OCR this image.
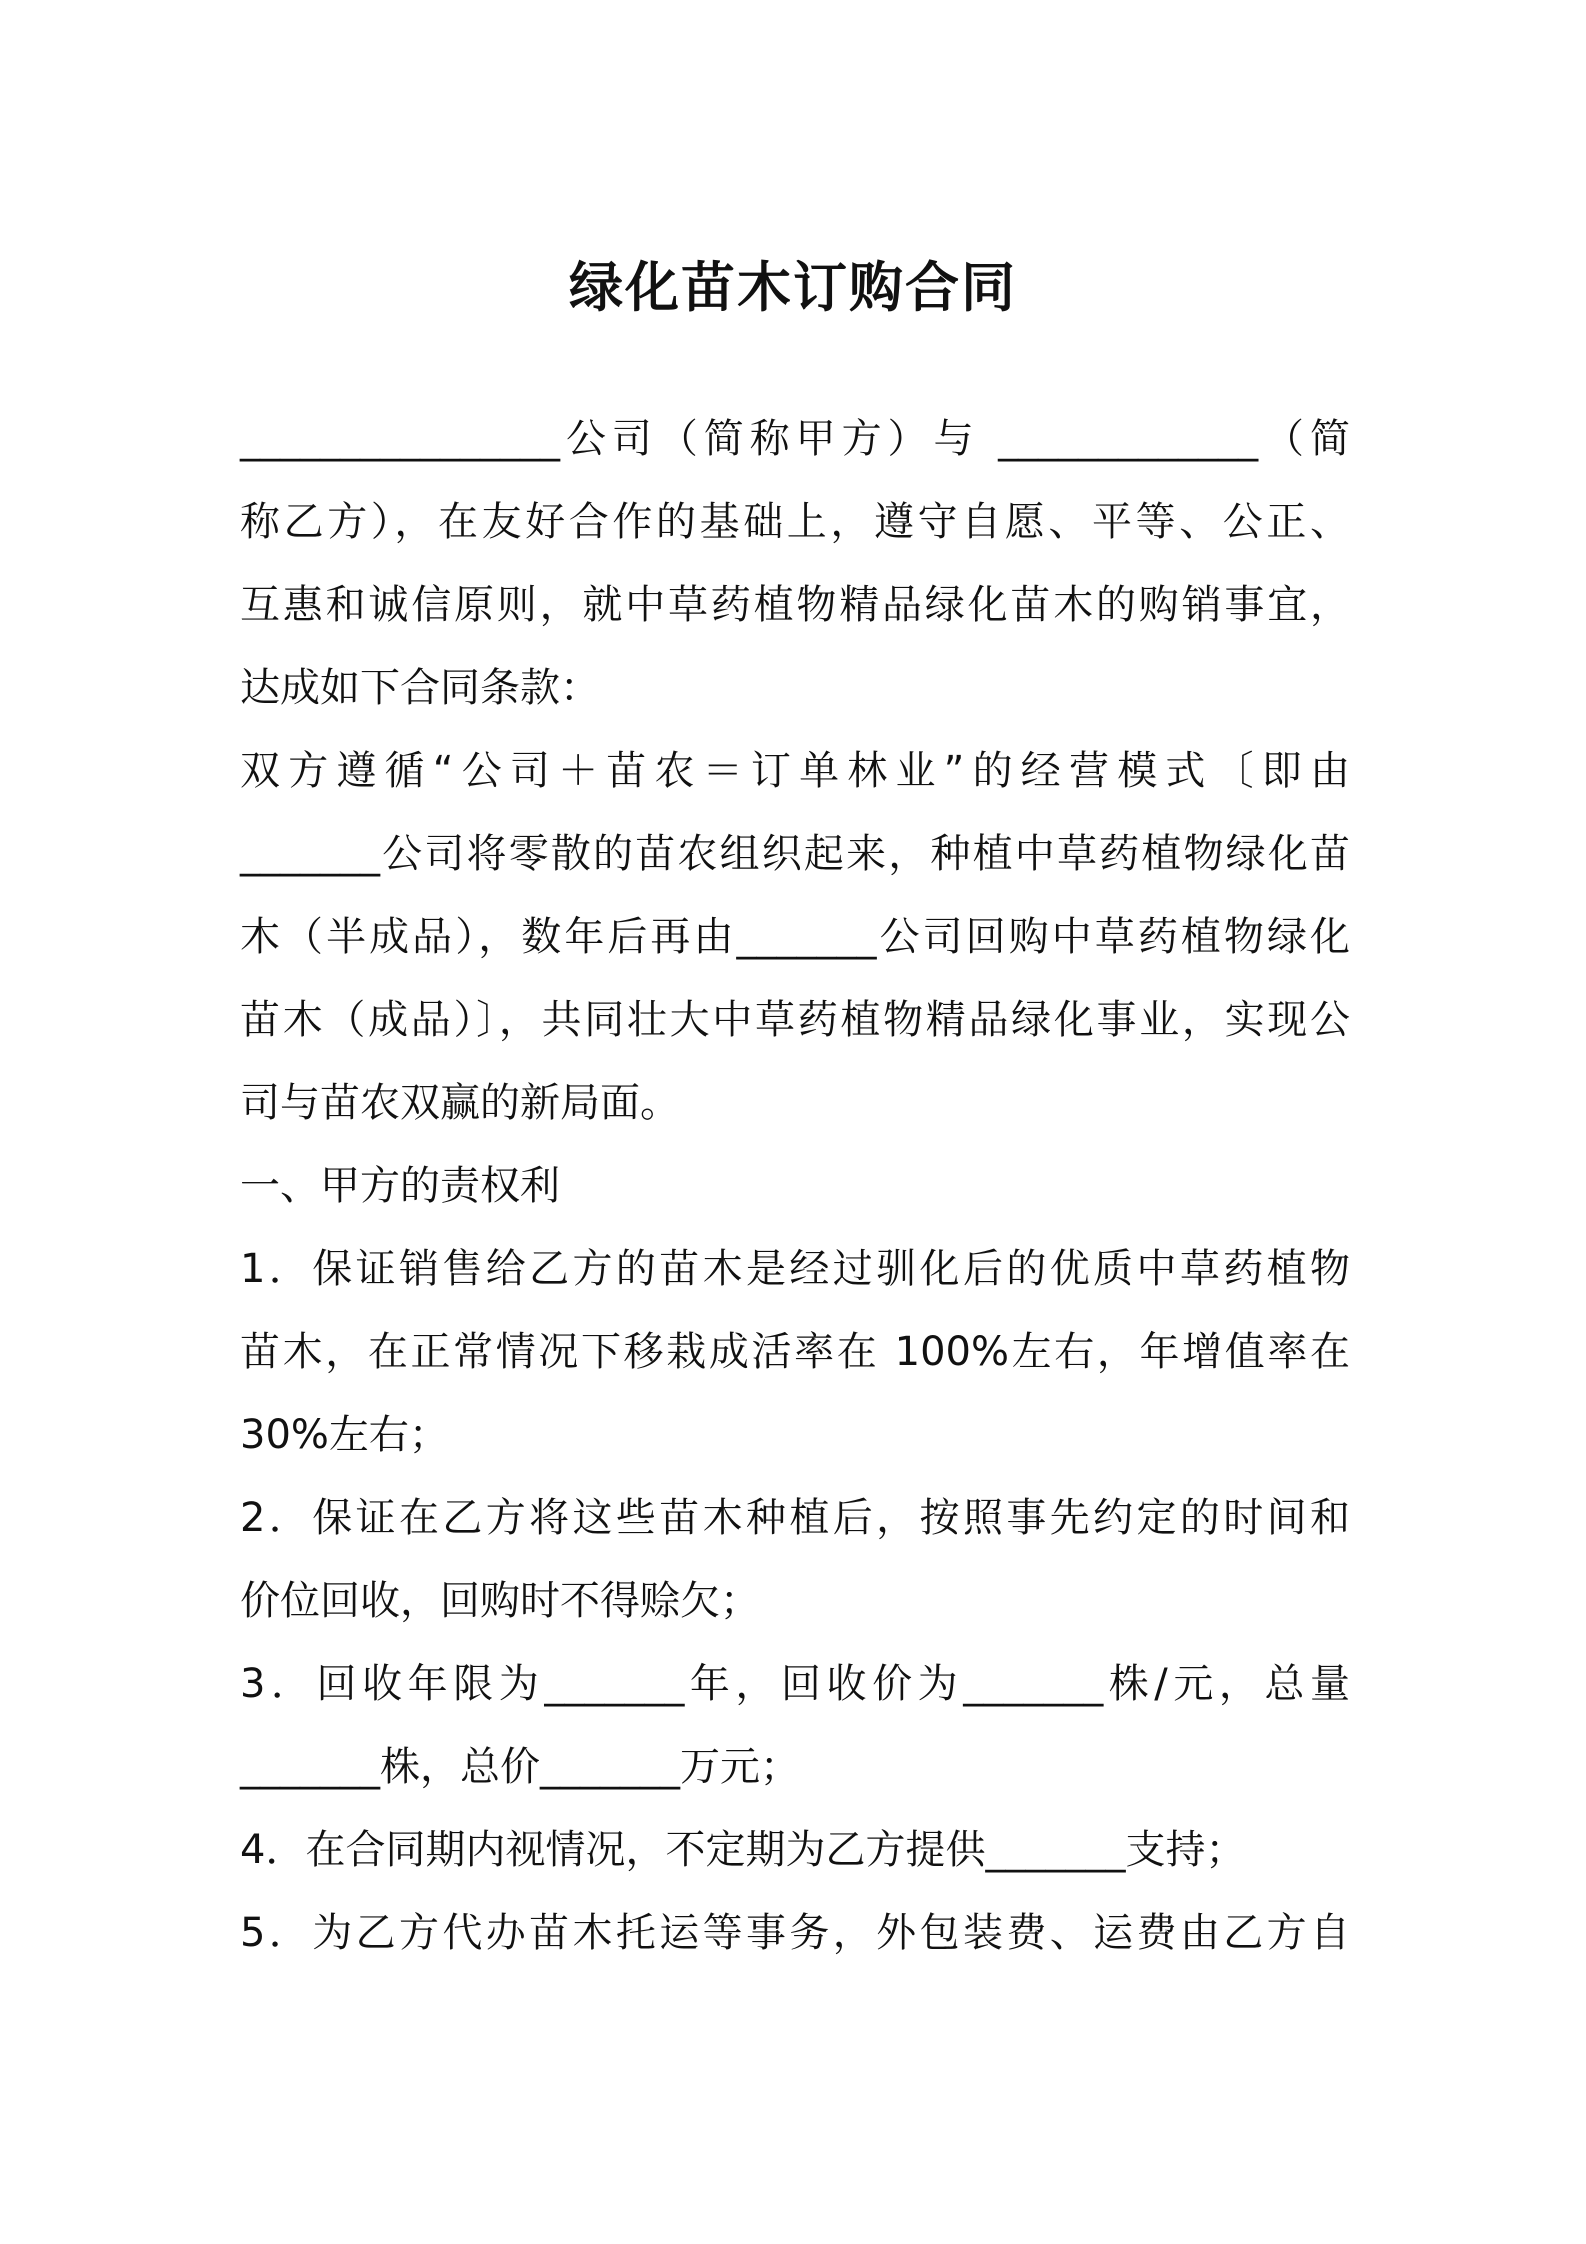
绿化苗木订购合同
________________公司（简称甲方）与 _____________（简
称乙方），在友好合作的基础上，遵守自愿、平等、公正、
互惠和诚信原则，就中草药植物精品绿化苗木的购销事宜，
达成如下合同条款：
双方遵循“公司＋苗农＝订单林业”的经营模式〔即由
_______公司将零散的苗农组织起来，种植中草药植物绿化苗
木（半成品），数年后再由_______公司回购中草药植物绿化
苗木（成品）〕，共同壮大中草药植物精品绿化事业，实现公
司与苗农双赢的新局面。
一、甲方的责权利
1．保证销售给乙方的苗木是经过驯化后的优质中草药植物
苗木，在正常情况下移栽成活率在 100%左右，年增值率在
30%左右；
2．保证在乙方将这些苗木种植后，按照事先约定的时间和
价位回收，回购时不得赊欠；
3．回收年限为_______年，回收价为_______株/元，总量
_______株，总价_______万元；
4．在合同期内视情况，不定期为乙方提供_______支持；
5．为乙方代办苗木托运等事务，外包装费、运费由乙方自
